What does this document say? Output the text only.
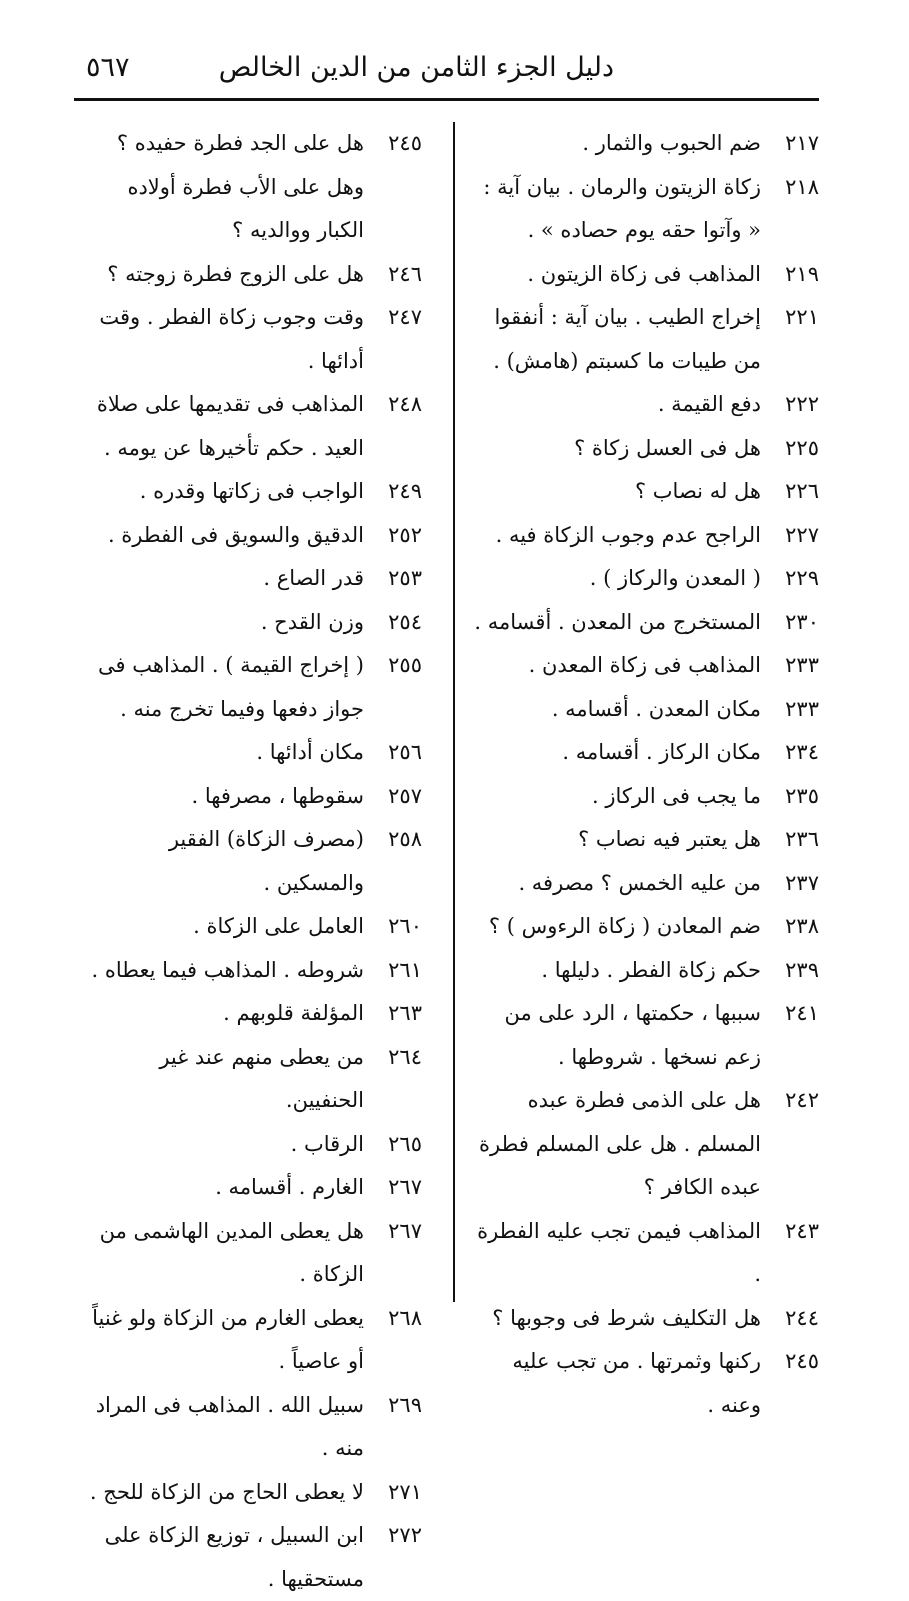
دليل الجزء الثامن من الدين الخالص
٥٦٧
٢١٧
ضم الحبوب والثمار .
٢١٨
زكاة الزيتون والرمان . بيان آية : « وآتوا حقه يوم حصاده » .
٢١٩
المذاهب فى زكاة الزيتون .
٢٢١
إخراج الطيب . بيان آية : أنفقوا من طيبات ما كسبتم (هامش) .
٢٢٢
دفع القيمة .
٢٢٥
هل فى العسل زكاة ؟
٢٢٦
هل له نصاب ؟
٢٢٧
الراجح عدم وجوب الزكاة فيه .
٢٢٩
( المعدن والركاز ) .
٢٣٠
المستخرج من المعدن . أقسامه .
٢٣٣
المذاهب فى زكاة المعدن .
٢٣٣
مكان المعدن . أقسامه .
٢٣٤
مكان الركاز . أقسامه .
٢٣٥
ما يجب فى الركاز .
٢٣٦
هل يعتبر فيه نصاب ؟
٢٣٧
من عليه الخمس ؟ مصرفه .
٢٣٨
ضم المعادن ( زكاة الرءوس ) ؟
٢٣٩
حكم زكاة الفطر . دليلها .
٢٤١
سببها ، حكمتها ، الرد على من زعم نسخها . شروطها .
٢٤٢
هل على الذمى فطرة عبده المسلم . هل على المسلم فطرة عبده الكافر ؟
٢٤٣
المذاهب فيمن تجب عليه الفطرة .
٢٤٤
هل التكليف شرط فى وجوبها ؟
٢٤٥
ركنها وثمرتها . من تجب عليه وعنه .
٢٤٥
هل على الجد فطرة حفيده ؟ وهل على الأب فطرة أولاده الكبار ووالديه ؟
٢٤٦
هل على الزوج فطرة زوجته ؟
٢٤٧
وقت وجوب زكاة الفطر . وقت أدائها .
٢٤٨
المذاهب فى تقديمها على صلاة العيد . حكم تأخيرها عن يومه .
٢٤٩
الواجب فى زكاتها وقدره .
٢٥٢
الدقيق والسويق فى الفطرة .
٢٥٣
قدر الصاع .
٢٥٤
وزن القدح .
٢٥٥
( إخراج القيمة ) . المذاهب فى جواز دفعها وفيما تخرج منه .
٢٥٦
مكان أدائها .
٢٥٧
سقوطها ، مصرفها .
٢٥٨
(مصرف الزكاة) الفقير والمسكين .
٢٦٠
العامل على الزكاة .
٢٦١
شروطه . المذاهب فيما يعطاه .
٢٦٣
المؤلفة قلوبهم .
٢٦٤
من يعطى منهم عند غير الحنفيين.
٢٦٥
الرقاب .
٢٦٧
الغارم . أقسامه .
٢٦٧
هل يعطى المدين الهاشمى من الزكاة .
٢٦٨
يعطى الغارم من الزكاة ولو غنياً أو عاصياً .
٢٦٩
سبيل الله . المذاهب فى المراد منه .
٢٧١
لا يعطى الحاج من الزكاة للحج .
٢٧٢
ابن السبيل ، توزيع الزكاة على مستحقيها .
